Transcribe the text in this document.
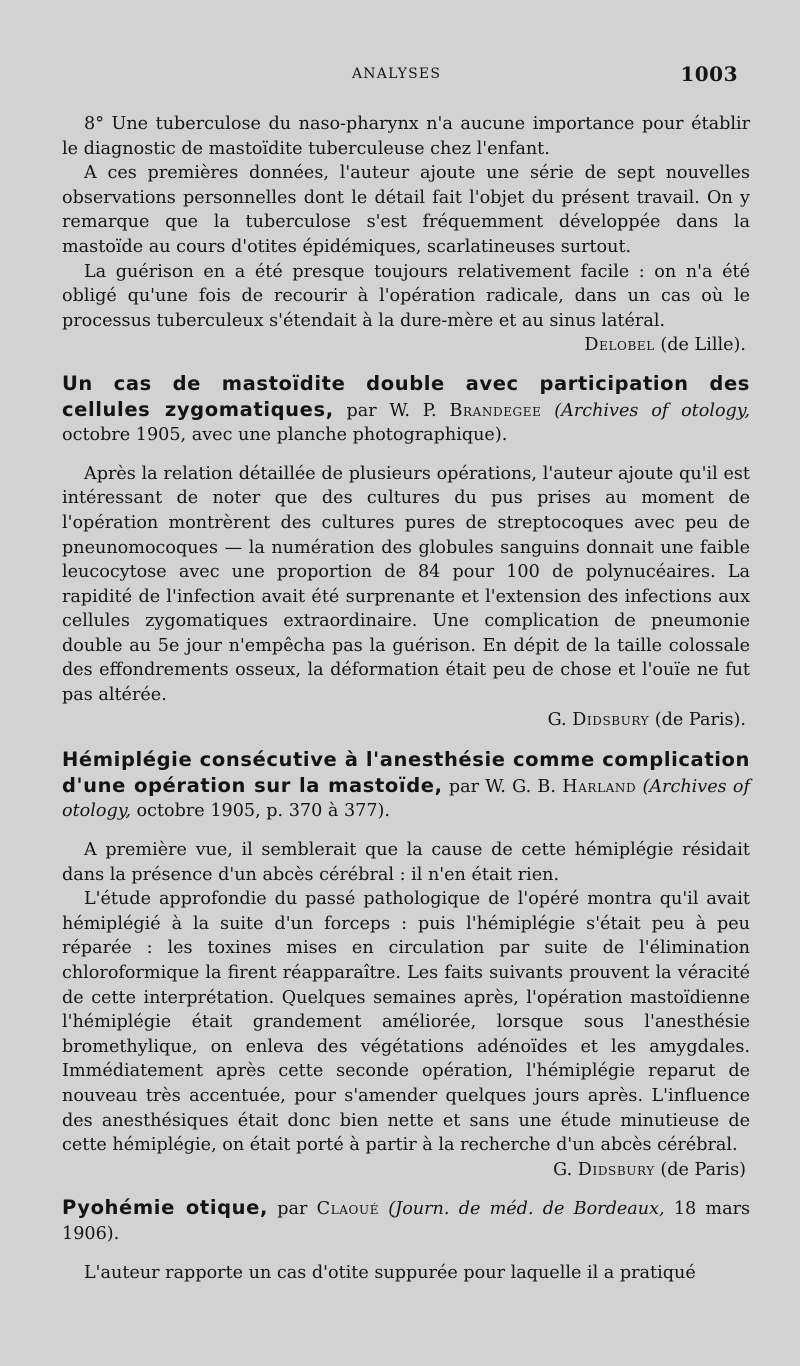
ANALYSES	1003

8° Une tuberculose du naso-pharynx n'a aucune importance pour établir le diagnostic de mastoïdite tuberculeuse chez l'enfant.

A ces premières données, l'auteur ajoute une série de sept nouvelles observations personnelles dont le détail fait l'objet du présent travail. On y remarque que la tuberculose s'est fréquemment développée dans la mastoïde au cours d'otites épidémiques, scarlatineuses surtout.

La guérison en a été presque toujours relativement facile : on n'a été obligé qu'une fois de recourir à l'opération radicale, dans un cas où le processus tuberculeux s'étendait à la dure-mère et au sinus latéral.

Delobel (de Lille).

Un cas de mastoïdite double avec participation des cellules zygomatiques, par W. P. Brandegee (Archives of otology, octobre 1905, avec une planche photographique).

Après la relation détaillée de plusieurs opérations, l'auteur ajoute qu'il est intéressant de noter que des cultures du pus prises au moment de l'opération montrèrent des cultures pures de streptocoques avec peu de pneunomocoques — la numération des globules sanguins donnait une faible leucocytose avec une proportion de 84 pour 100 de polynucéaires. La rapidité de l'infection avait été surprenante et l'extension des infections aux cellules zygomatiques extraordinaire. Une complication de pneumonie double au 5e jour n'empêcha pas la guérison. En dépit de la taille colossale des effondrements osseux, la déformation était peu de chose et l'ouïe ne fut pas altérée.

G. Didsbury (de Paris).

Hémiplégie consécutive à l'anesthésie comme complication d'une opération sur la mastoïde, par W. G. B. Harland (Archives of otology, octobre 1905, p. 370 à 377).

A première vue, il semblerait que la cause de cette hémiplégie résidait dans la présence d'un abcès cérébral : il n'en était rien.

L'étude approfondie du passé pathologique de l'opéré montra qu'il avait hémiplégié à la suite d'un forceps : puis l'hémiplégie s'était peu à peu réparée : les toxines mises en circulation par suite de l'élimination chloroformique la firent réapparaître. Les faits suivants prouvent la véracité de cette interprétation. Quelques semaines après, l'opération mastoïdienne l'hémiplégie était grandement améliorée, lorsque sous l'anesthésie bromethylique, on enleva des végétations adénoïdes et les amygdales. Immédiatement après cette seconde opération, l'hémiplégie reparut de nouveau très accentuée, pour s'amender quelques jours après. L'influence des anesthésiques était donc bien nette et sans une étude minutieuse de cette hémiplégie, on était porté à partir à la recherche d'un abcès cérébral.

G. Didsbury (de Paris)

Pyohémie otique, par Claoué (Journ. de méd. de Bordeaux, 18 mars 1906).

L'auteur rapporte un cas d'otite suppurée pour laquelle il a pratiqué
